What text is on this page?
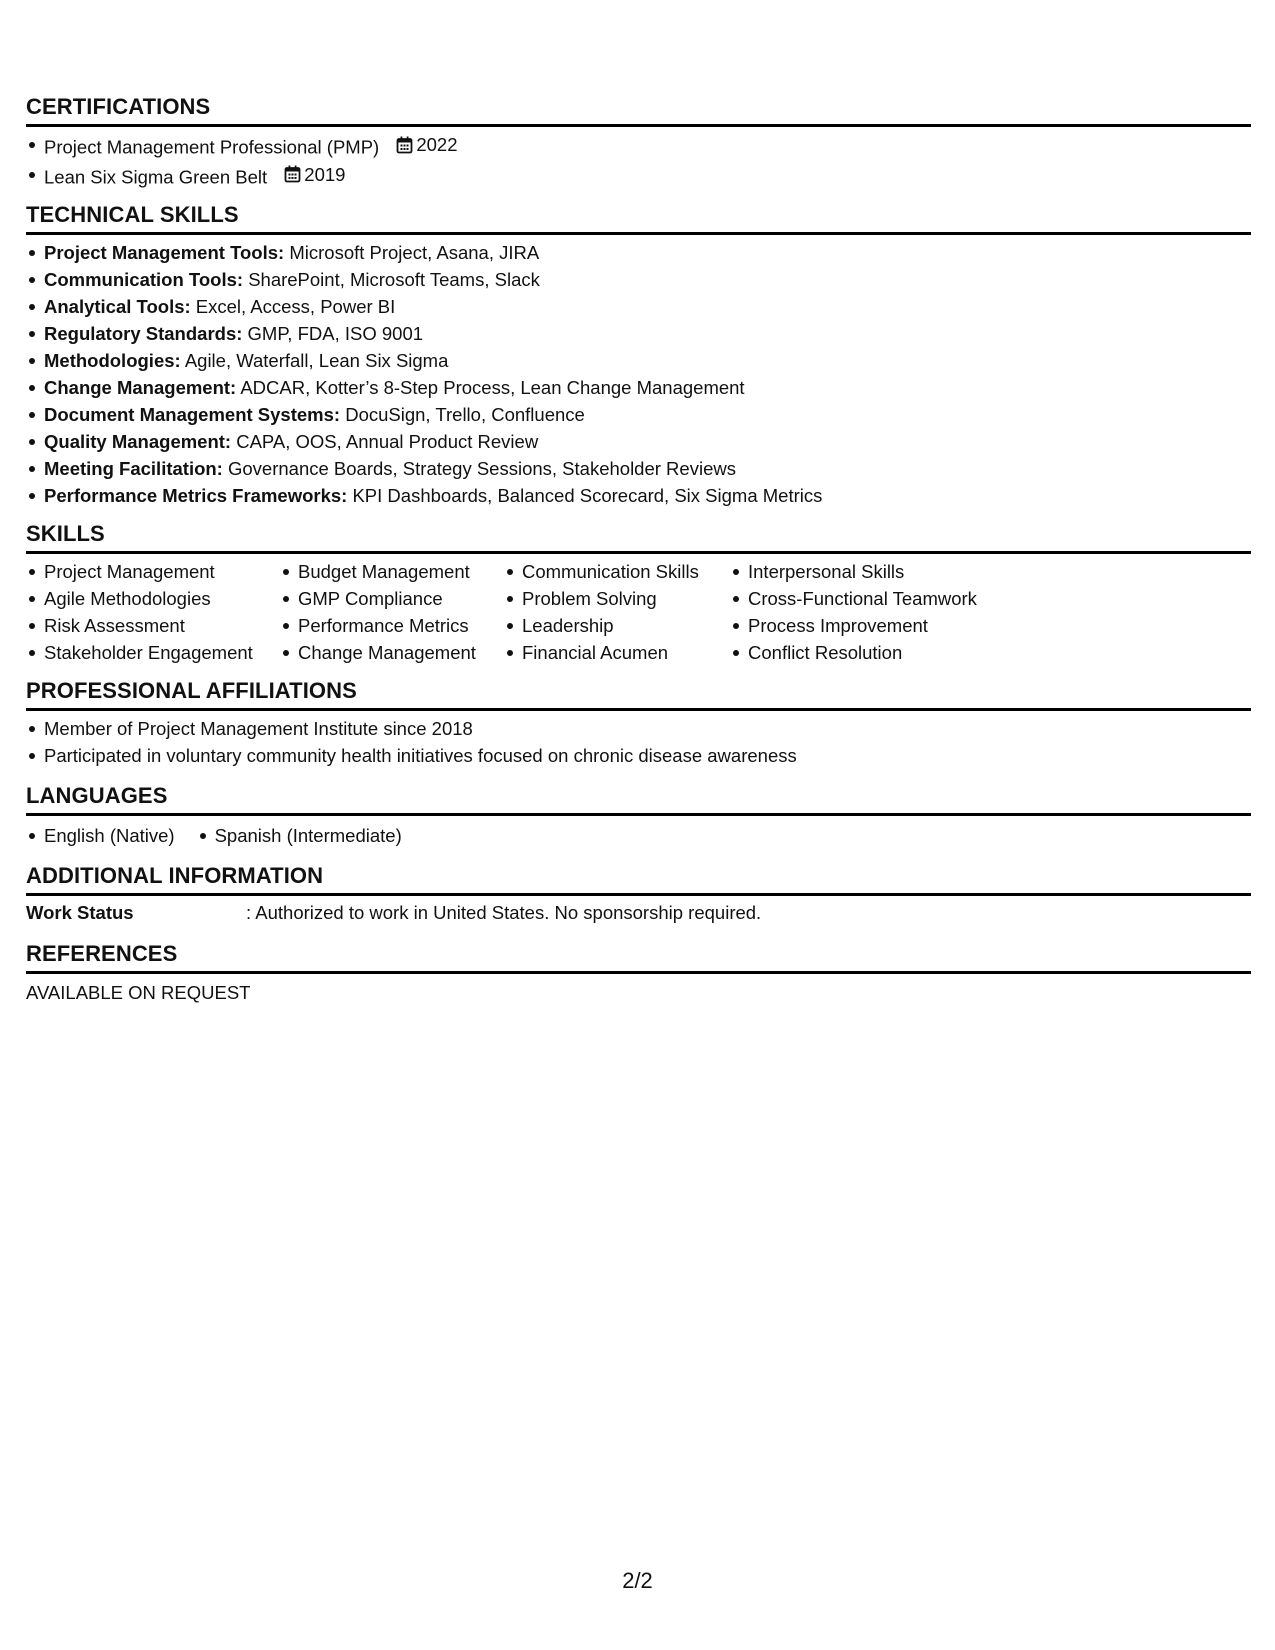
CERTIFICATIONS
Project Management Professional (PMP) 2022
Lean Six Sigma Green Belt 2019
TECHNICAL SKILLS
Project Management Tools: Microsoft Project, Asana, JIRA
Communication Tools: SharePoint, Microsoft Teams, Slack
Analytical Tools: Excel, Access, Power BI
Regulatory Standards: GMP, FDA, ISO 9001
Methodologies: Agile, Waterfall, Lean Six Sigma
Change Management: ADCAR, Kotter’s 8-Step Process, Lean Change Management
Document Management Systems: DocuSign, Trello, Confluence
Quality Management: CAPA, OOS, Annual Product Review
Meeting Facilitation: Governance Boards, Strategy Sessions, Stakeholder Reviews
Performance Metrics Frameworks: KPI Dashboards, Balanced Scorecard, Six Sigma Metrics
SKILLS
Project Management
Agile Methodologies
Risk Assessment
Stakeholder Engagement
Budget Management
GMP Compliance
Performance Metrics
Change Management
Communication Skills
Problem Solving
Leadership
Financial Acumen
Interpersonal Skills
Cross-Functional Teamwork
Process Improvement
Conflict Resolution
PROFESSIONAL AFFILIATIONS
Member of Project Management Institute since 2018
Participated in voluntary community health initiatives focused on chronic disease awareness
LANGUAGES
English (Native)	Spanish (Intermediate)
ADDITIONAL INFORMATION
Work Status	: Authorized to work in United States. No sponsorship required.
REFERENCES
AVAILABLE ON REQUEST
2/2
